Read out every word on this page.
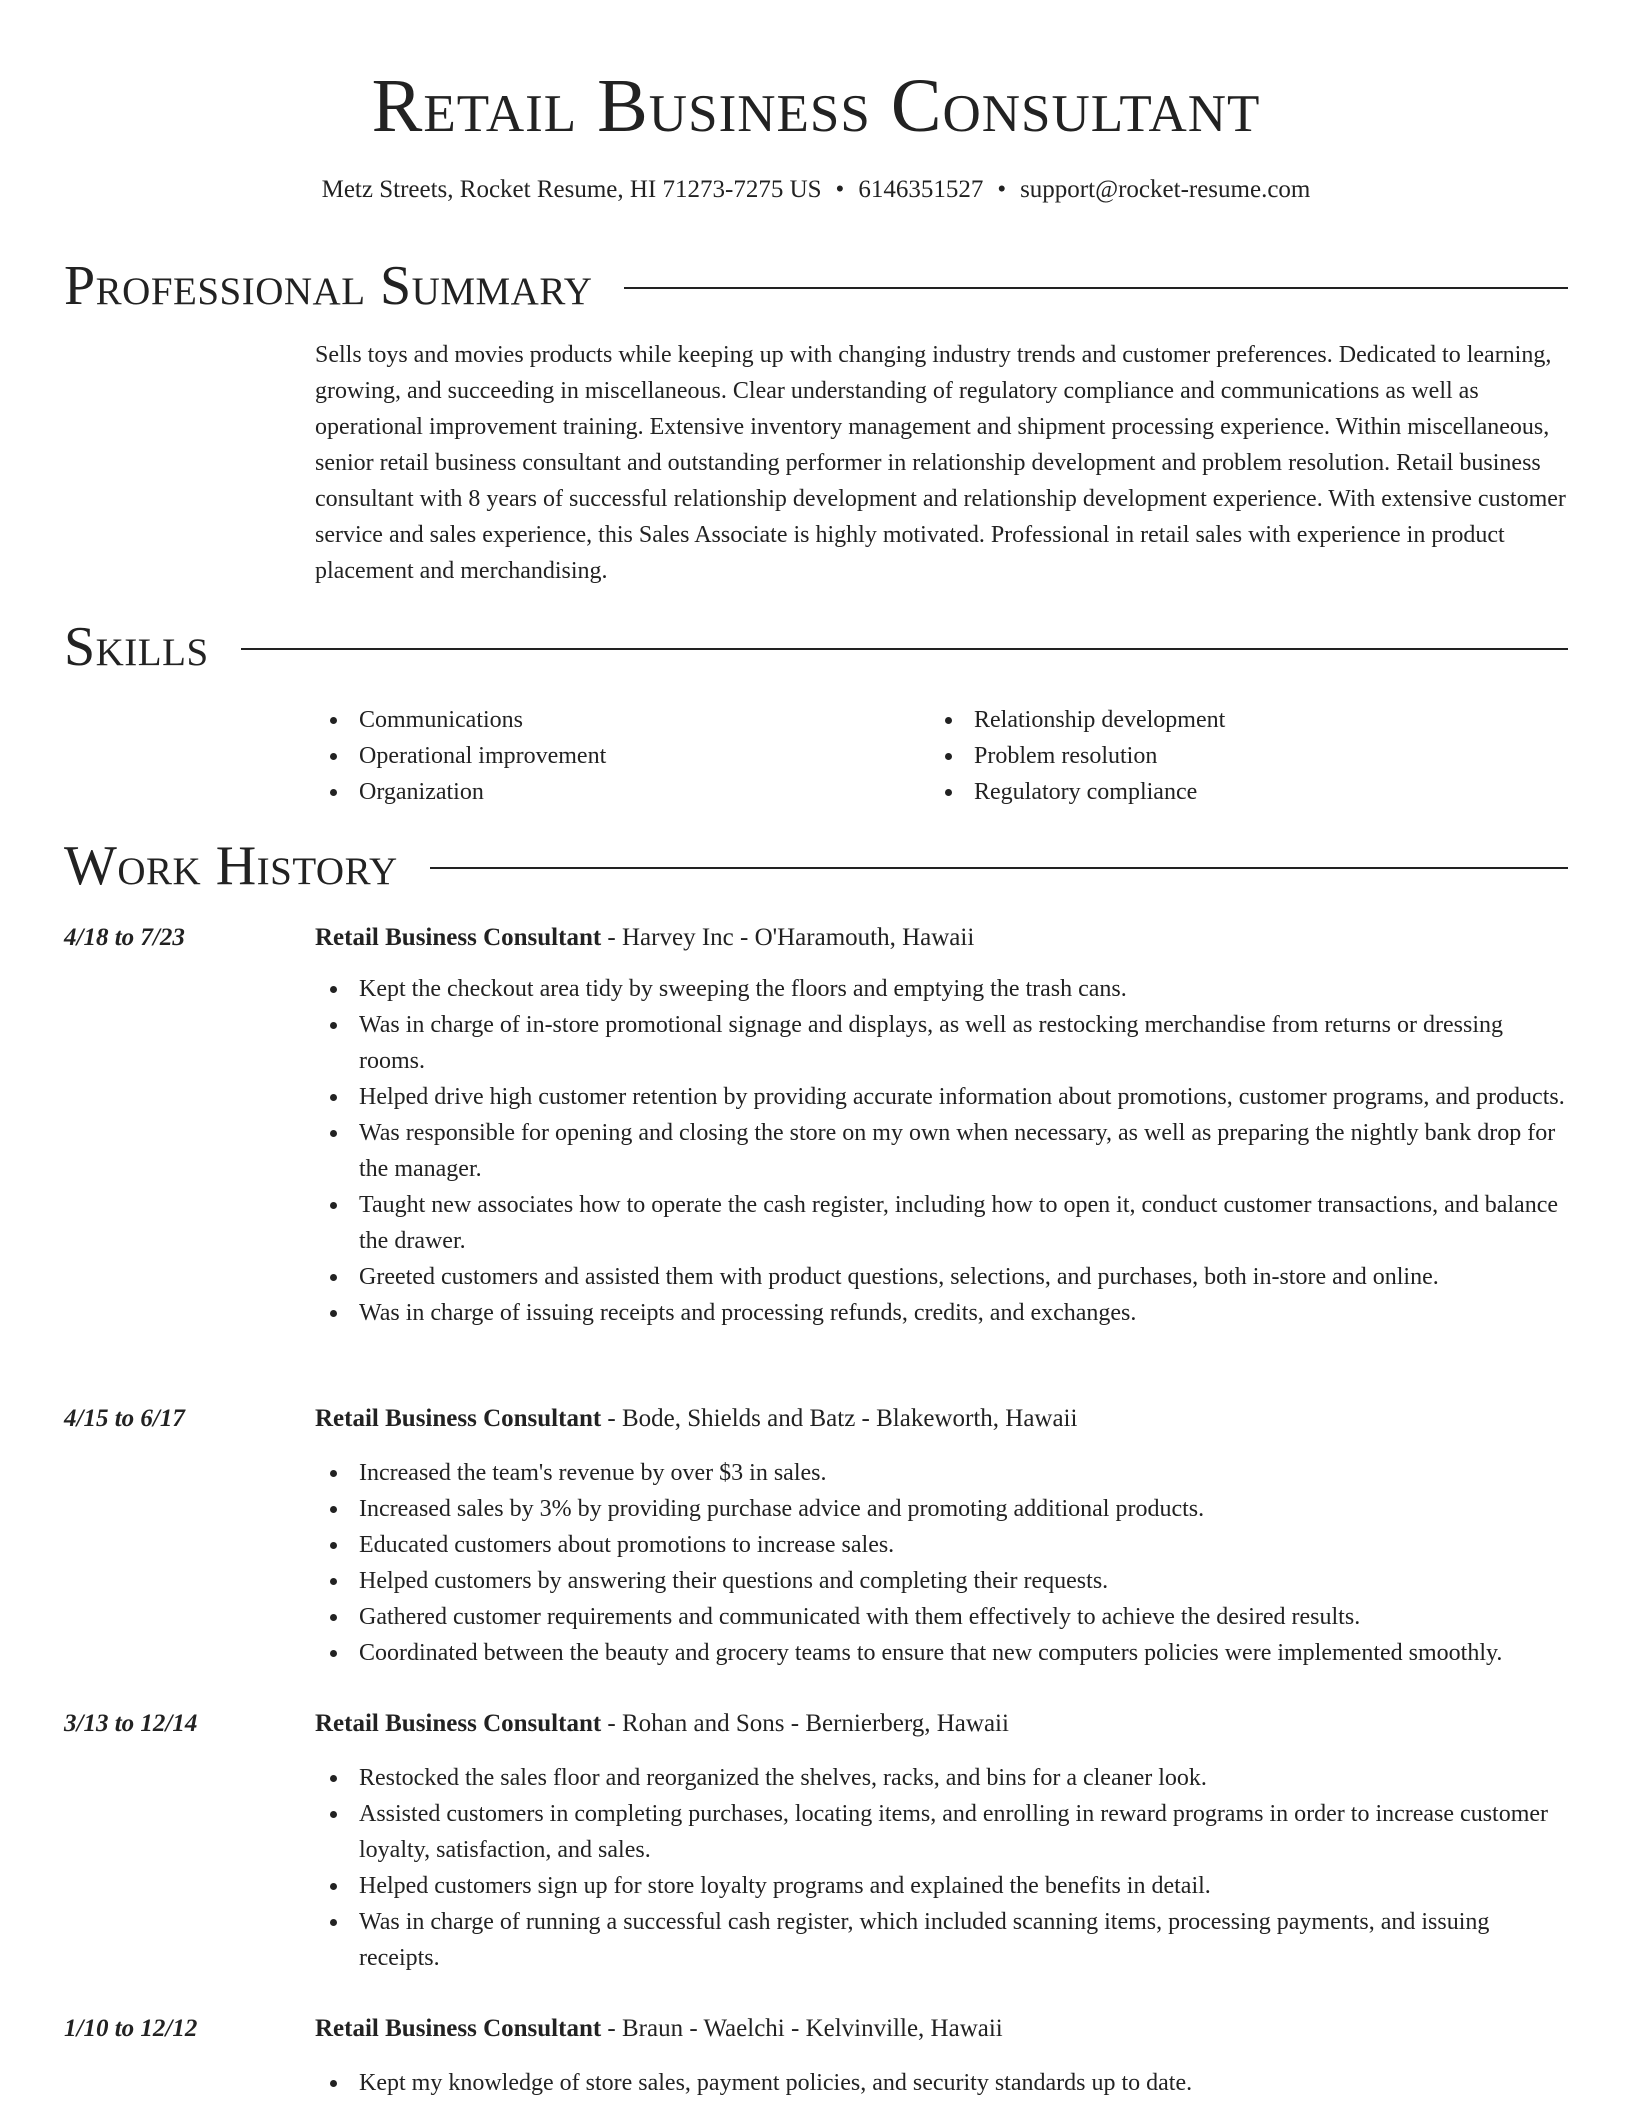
Retail Business Consultant
Metz Streets, Rocket Resume, HI 71273-7275 US • 6146351527 • support@rocket-resume.com
Professional Summary
Sells toys and movies products while keeping up with changing industry trends and customer preferences. Dedicated to learning, growing, and succeeding in miscellaneous. Clear understanding of regulatory compliance and communications as well as operational improvement training. Extensive inventory management and shipment processing experience. Within miscellaneous, senior retail business consultant and outstanding performer in relationship development and problem resolution. Retail business consultant with 8 years of successful relationship development and relationship development experience. With extensive customer service and sales experience, this Sales Associate is highly motivated. Professional in retail sales with experience in product placement and merchandising.
Skills
Communications
Operational improvement
Organization
Relationship development
Problem resolution
Regulatory compliance
Work History
4/18 to 7/23	Retail Business Consultant - Harvey Inc - O'Haramouth, Hawaii
Kept the checkout area tidy by sweeping the floors and emptying the trash cans.
Was in charge of in-store promotional signage and displays, as well as restocking merchandise from returns or dressing rooms.
Helped drive high customer retention by providing accurate information about promotions, customer programs, and products.
Was responsible for opening and closing the store on my own when necessary, as well as preparing the nightly bank drop for the manager.
Taught new associates how to operate the cash register, including how to open it, conduct customer transactions, and balance the drawer.
Greeted customers and assisted them with product questions, selections, and purchases, both in-store and online.
Was in charge of issuing receipts and processing refunds, credits, and exchanges.
4/15 to 6/17	Retail Business Consultant - Bode, Shields and Batz - Blakeworth, Hawaii
Increased the team's revenue by over $3 in sales.
Increased sales by 3% by providing purchase advice and promoting additional products.
Educated customers about promotions to increase sales.
Helped customers by answering their questions and completing their requests.
Gathered customer requirements and communicated with them effectively to achieve the desired results.
Coordinated between the beauty and grocery teams to ensure that new computers policies were implemented smoothly.
3/13 to 12/14	Retail Business Consultant - Rohan and Sons - Bernierberg, Hawaii
Restocked the sales floor and reorganized the shelves, racks, and bins for a cleaner look.
Assisted customers in completing purchases, locating items, and enrolling in reward programs in order to increase customer loyalty, satisfaction, and sales.
Helped customers sign up for store loyalty programs and explained the benefits in detail.
Was in charge of running a successful cash register, which included scanning items, processing payments, and issuing receipts.
1/10 to 12/12	Retail Business Consultant - Braun - Waelchi - Kelvinville, Hawaii
Kept my knowledge of store sales, payment policies, and security standards up to date.
